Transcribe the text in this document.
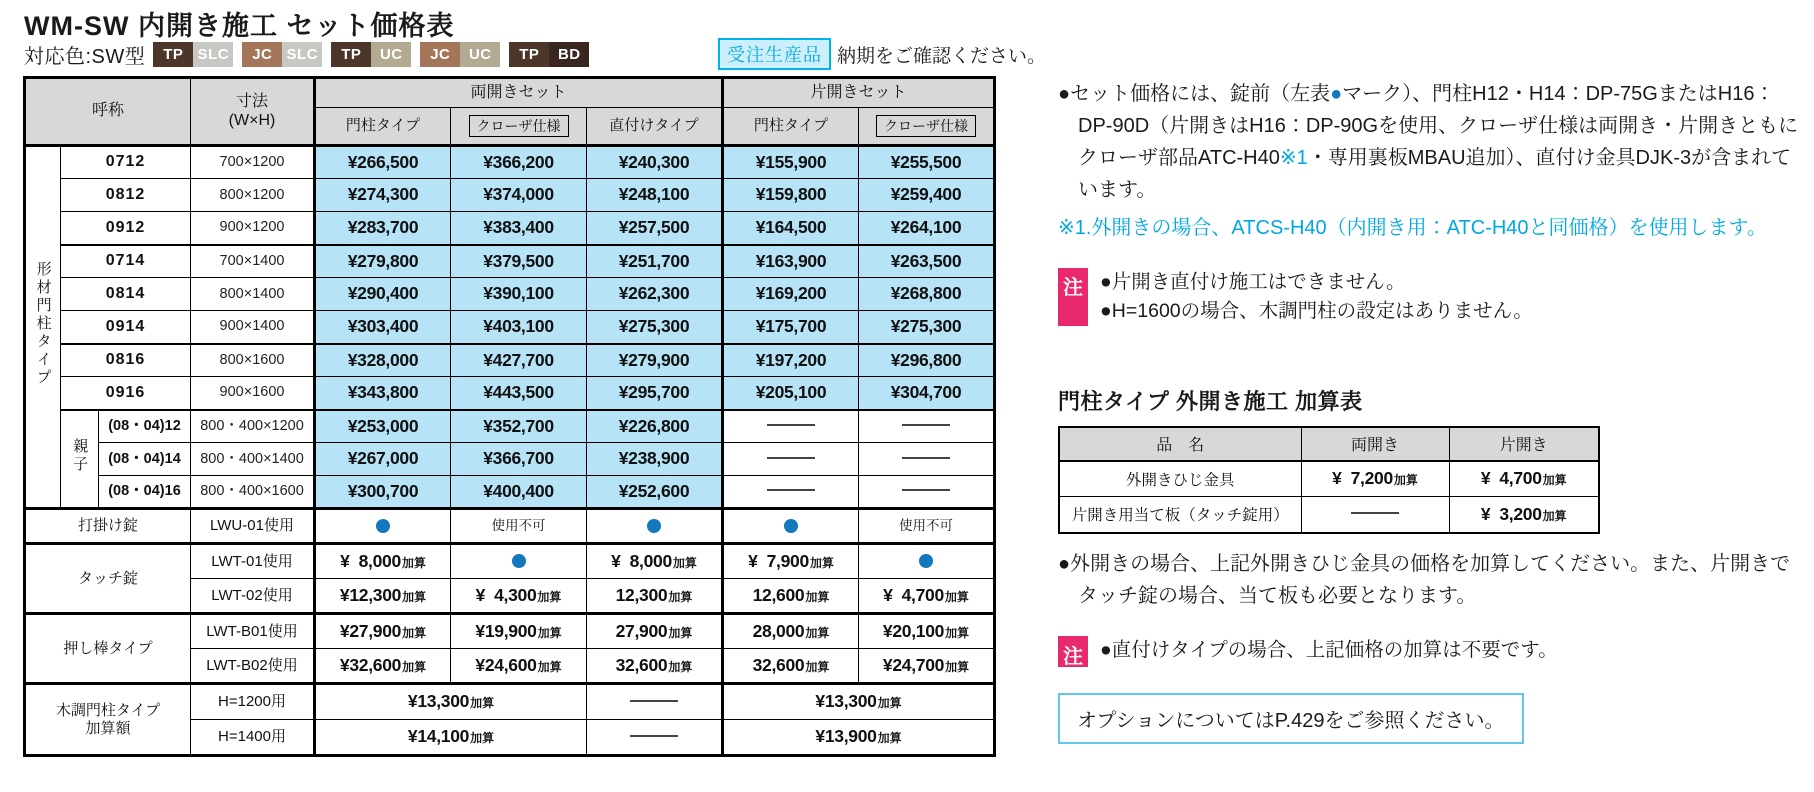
WM-SW 内開き施工 セット価格表
対応色:SW型	TP SLC	JC SLC	TP	UC	JC	UC	TP	BD	受注生産品 納期をご確認ください。
呼称			寸法
(W×H)	両開きセット			片開きセット	
				門柱タイプ	クローザ仕様	直付けタイプ	門柱タイプ	クローザ仕様
形材門柱タイプ	0712		700×1200	¥266,500	¥366,200	¥240,300	¥155,900	¥255,500
	0812		800×1200	¥274,300	¥374,000	¥248,100	¥159,800	¥259,400
	0912		900×1200	¥283,700	¥383,400	¥257,500	¥164,500	¥264,100
	0714		700×1400	¥279,800	¥379,500	¥251,700	¥163,900	¥263,500
	0814		800×1400	¥290,400	¥390,100	¥262,300	¥169,200	¥268,800
	0914		900×1400	¥303,400	¥403,100	¥275,300	¥175,700	¥275,300
	0816		800×1600	¥328,000	¥427,700	¥279,900	¥197,200	¥296,800
	0916		900×1600	¥343,800	¥443,500	¥295,700	¥205,100	¥304,700
	親子	(08・04)12	800・400×1200	¥253,000	¥352,700	¥226,800		
		(08・04)14	800・400×1400	¥267,000	¥366,700	¥238,900		
		(08・04)16	800・400×1600	¥300,700	¥400,400	¥252,600		
打掛け錠			LWU-01使用		使用不可			使用不可
タッチ錠			LWT-01使用	¥  8,000加算		¥  8,000加算	¥  7,900加算	
			LWT-02使用	¥12,300加算	¥  4,300加算	12,300加算	12,600加算	¥  4,700加算
押し棒タイプ			LWT-B01使用	¥27,900加算	¥19,900加算	27,900加算	28,000加算	¥20,100加算
			LWT-B02使用	¥32,600加算	¥24,600加算	32,600加算	32,600加算	¥24,700加算

木調門柱タイプ
加算額			H=1200用	¥13,300加算			¥13,300加算	
			H=1400用	¥14,100加算			¥13,900加算	

●セット価格には、錠前（左表●マーク）、門柱H12・H14：DP-75GまたはH16：DP-90D（片開きはH16：DP-90Gを使用、クローザ仕様は両開き・片開きともにクローザ部品ATC-H40※1・専用裏板MBAU追加）、直付け金具DJK-3が含まれています。

※1.外開きの場合、ATCS-H40（内開き用：ATC-H40と同価格）を使用します。

注 ●片開き直付け施工はできません。
●H=1600の場合、木調門柱の設定はありません。
門柱タイプ 外開き施工 加算表
品　名	両開き	片開き
外開きひじ金具	¥  7,200加算	¥  4,700加算
片開き用当て板（タッチ錠用）		¥  3,200加算

●外開きの場合、上記外開きひじ金具の価格を加算してください。また、片開きでタッチ錠の場合、当て板も必要となります。

注 ●直付けタイプの場合、上記価格の加算は不要です。
オプションについてはP.429をご参照ください。
